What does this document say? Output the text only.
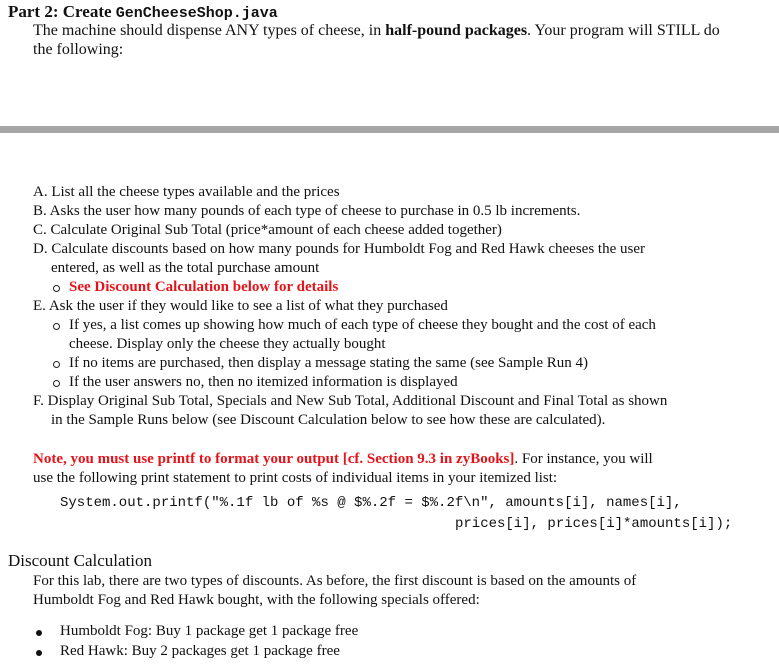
Part 2: Create GenCheeseShop.java
The machine should dispense ANY types of cheese, in half-pound packages. Your program will STILL do
the following:
A. List all the cheese types available and the prices
B. Asks the user how many pounds of each type of cheese to purchase in 0.5 lb increments.
C. Calculate Original Sub Total (price*amount of each cheese added together)
D. Calculate discounts based on how many pounds for Humboldt Fog and Red Hawk cheeses the user
entered, as well as the total purchase amount
See Discount Calculation below for details
E. Ask the user if they would like to see a list of what they purchased
If yes, a list comes up showing how much of each type of cheese they bought and the cost of each
cheese. Display only the cheese they actually bought
If no items are purchased, then display a message stating the same (see Sample Run 4)
If the user answers no, then no itemized information is displayed
F. Display Original Sub Total, Specials and New Sub Total, Additional Discount and Final Total as shown
in the Sample Runs below (see Discount Calculation below to see how these are calculated).
Note, you must use printf to format your output [cf. Section 9.3 in zyBooks]. For instance, you will
use the following print statement to print costs of individual items in your itemized list:
System.out.printf("%.1f lb of %s @ $%.2f = $%.2f\n", amounts[i], names[i],
prices[i], prices[i]*amounts[i]);
Discount Calculation
For this lab, there are two types of discounts. As before, the first discount is based on the amounts of
Humboldt Fog and Red Hawk bought, with the following specials offered:
Humboldt Fog: Buy 1 package get 1 package free
Red Hawk: Buy 2 packages get 1 package free
